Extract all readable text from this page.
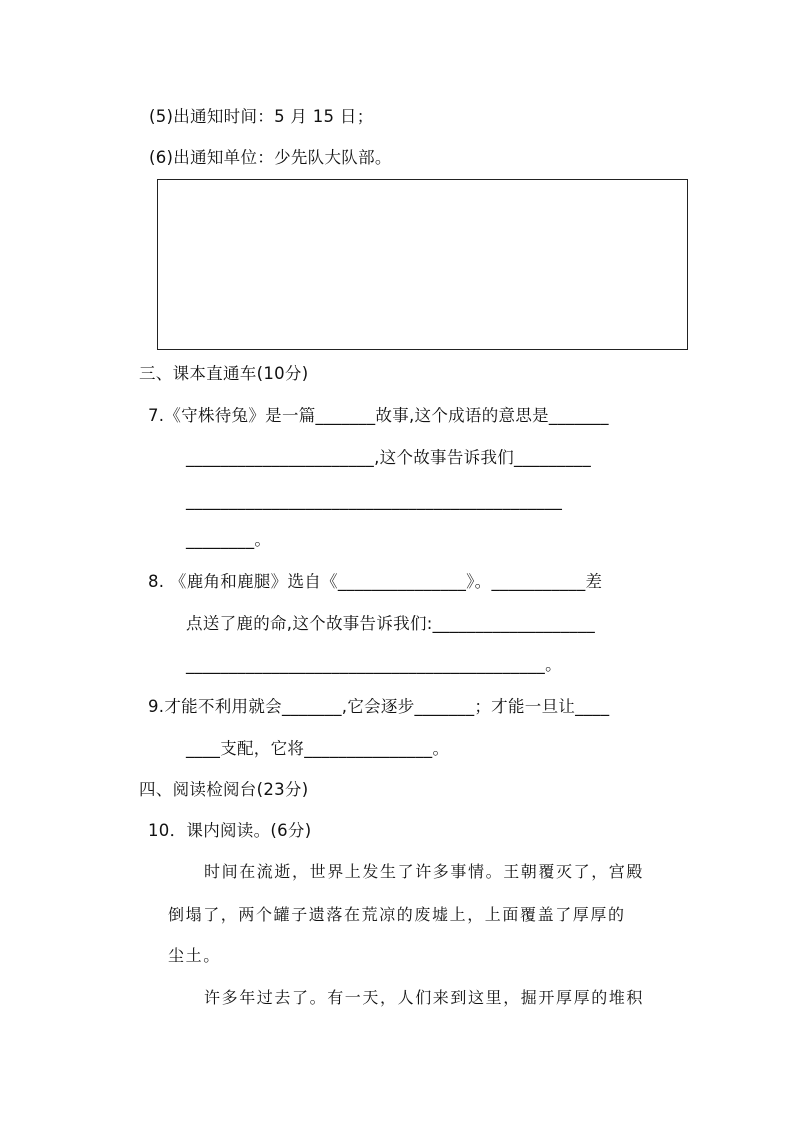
(5)出通知时间：5 月 15 日；
(6)出通知单位：少先队大队部。
三、课本直通车(10分)
7.《守株待兔》是一篇_______故事,这个成语的意思是_______
______________________,这个故事告诉我们_________
____________________________________________
________。
8. 《鹿角和鹿腿》选自《_______________》。___________差
点送了鹿的命,这个故事告诉我们:___________________
__________________________________________。
9.才能不利用就会_______,它会逐步_______；才能一旦让____
____支配，它将_______________。
四、阅读检阅台(23分)
10．课内阅读。(6分)
时间在流逝，世界上发生了许多事情。王朝覆灭了，宫殿
倒塌了，两个罐子遗落在荒凉的废墟上，上面覆盖了厚厚的
尘土。
许多年过去了。有一天，人们来到这里，掘开厚厚的堆积
